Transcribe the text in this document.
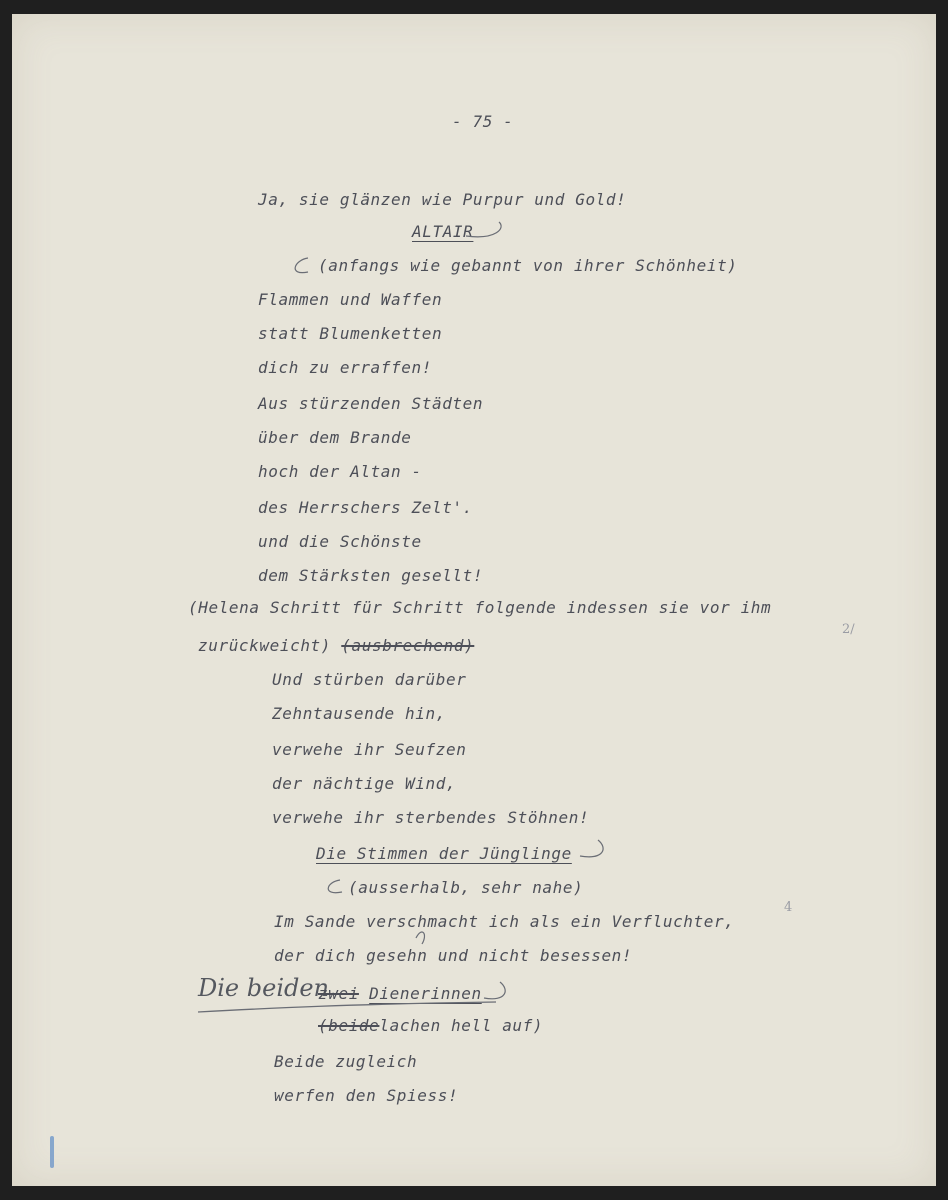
- 75 -
Ja, sie glänzen wie Purpur und Gold!
ALTAIR
(anfangs wie gebannt von ihrer Schönheit)
Flammen und Waffen
statt Blumenketten
dich zu erraffen!
Aus stürzenden Städten
über dem Brande
hoch der Altan -
des Herrschers Zelt'.
und die Schönste
dem Stärksten gesellt!
(Helena Schritt für Schritt folgende indessen sie vor ihm
zurückweicht) (ausbrechend)
2/
Und stürben darüber
Zehntausende hin,
verwehe ihr Seufzen
der nächtige Wind,
verwehe ihr sterbendes Stöhnen!
Die Stimmen der Jünglinge
(ausserhalb, sehr nahe)
Im Sande verschmacht ich als ein Verfluchter,
der dich gesehn und nicht besessen!
4
Die beiden
zwei Dienerinnen
(beidelachen hell auf)
Beide zugleich
werfen den Spiess!
